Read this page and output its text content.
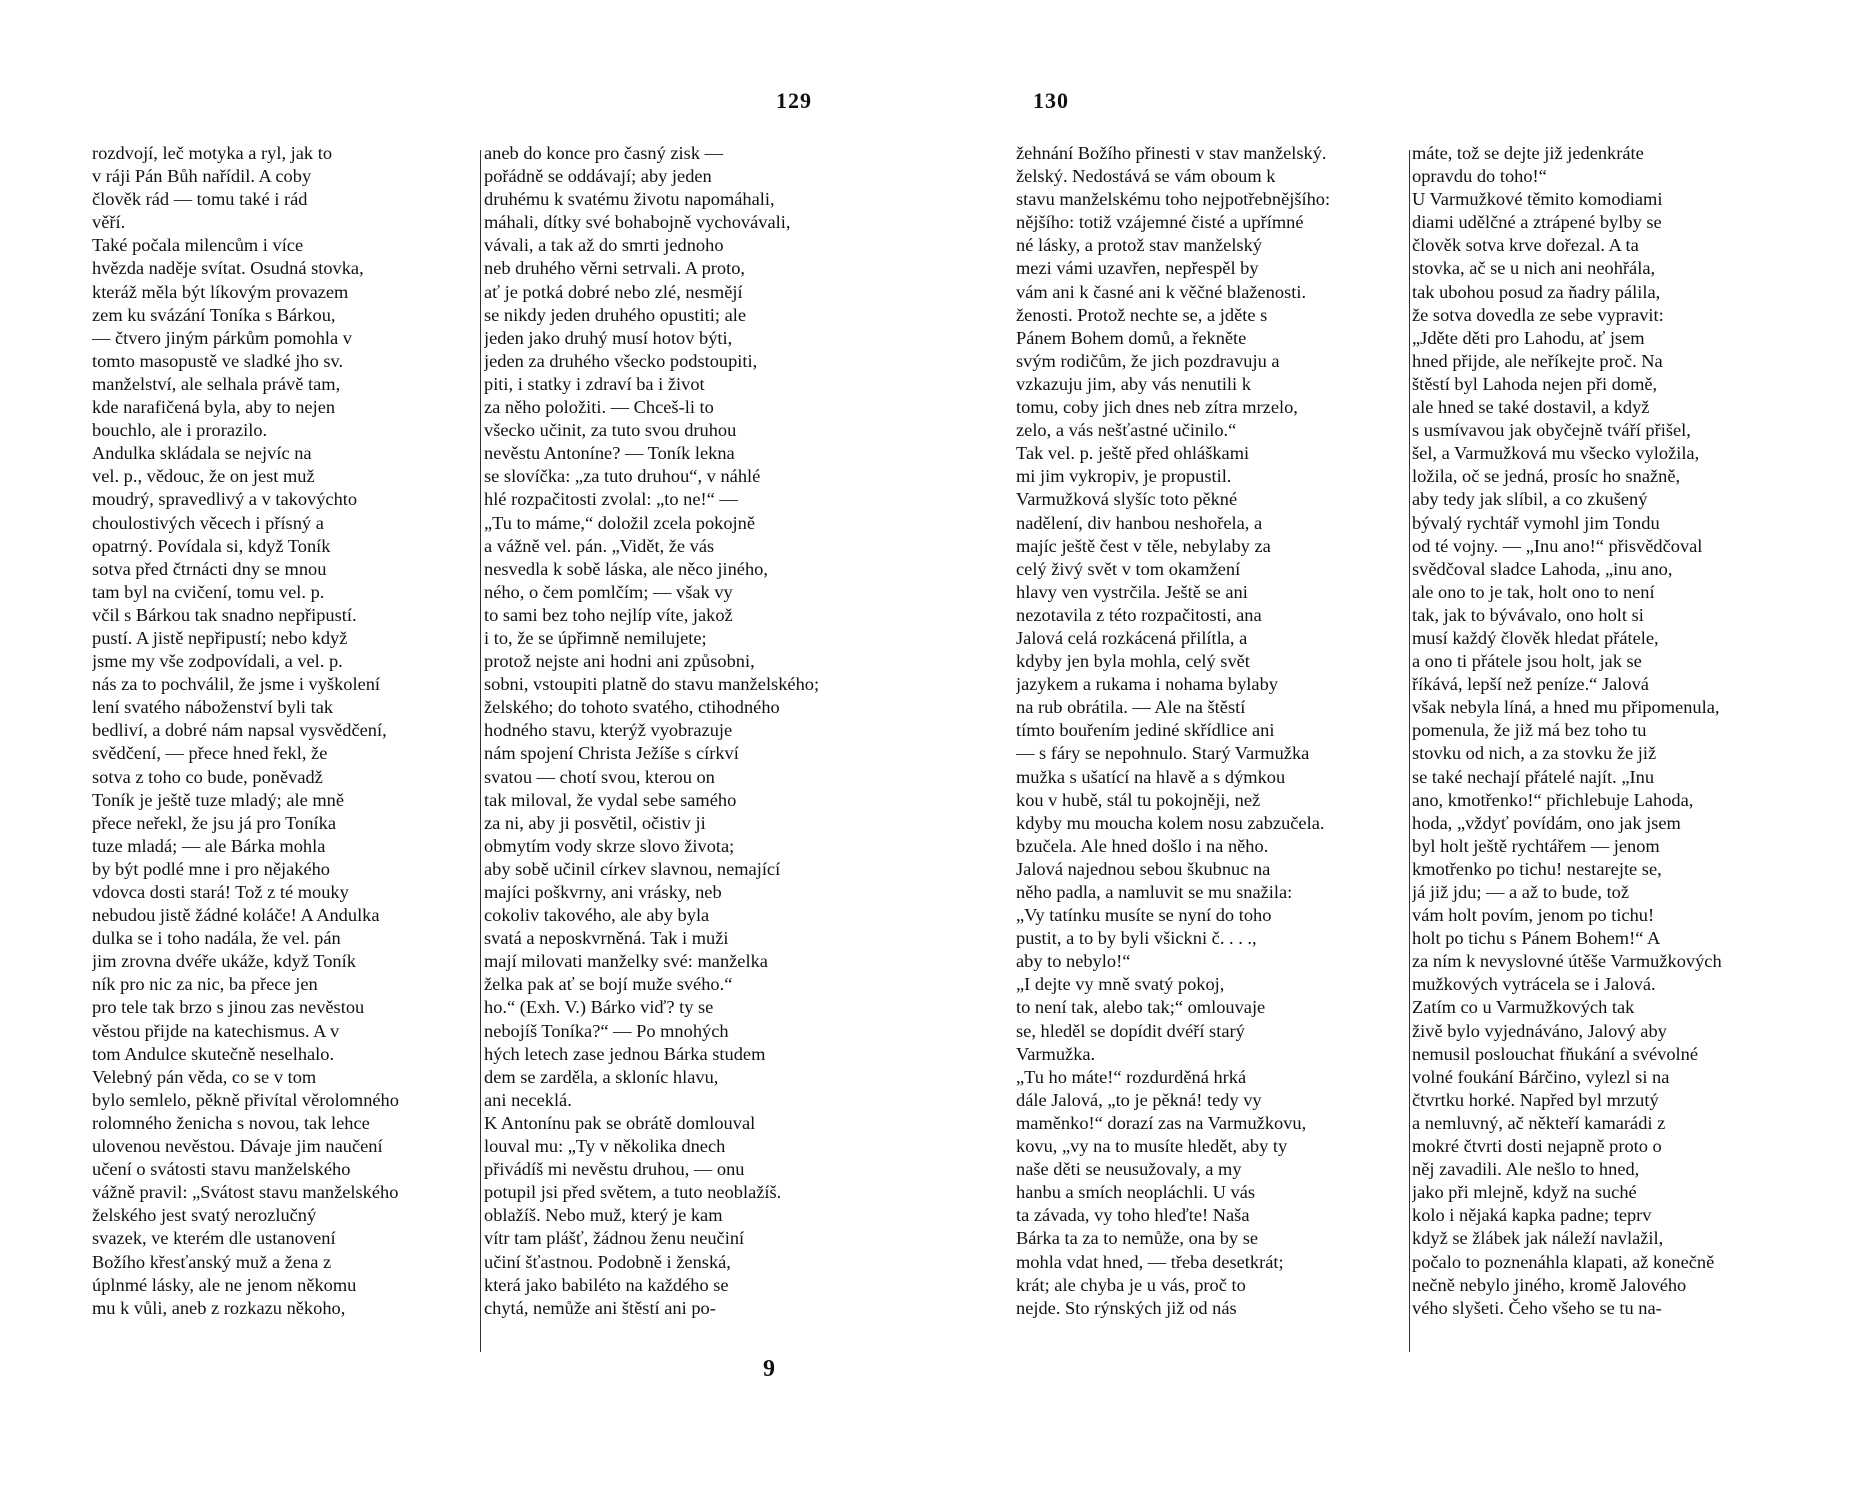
129
rozdvojí, leč motyka a ryl, jak to
v ráji Pán Bůh nařídil. A coby
člověk rád — tomu také i rád
věří.
Také počala milencům i více
hvězda naděje svítat. Osudná stovka,
kteráž měla být líkovým provazem
zem ku svázání Toníka s Bárkou,
— čtvero jiným párkům pomohla v
tomto masopustě ve sladké jho sv.
manželství, ale selhala právě tam,
kde narafičená byla, aby to nejen
bouchlo, ale i prorazilo.
Andulka skládala se nejvíc na
vel. p., vědouc, že on jest muž
moudrý, spravedlivý a v takovýchto
choulostivých věcech i přísný a
opatrný. Povídala si, když Toník
sotva před čtrnácti dny se mnou
tam byl na cvičení, tomu vel. p.
včil s Bárkou tak snadno nepřipustí.
pustí. A jistě nepřipustí; nebo když
jsme my vše zodpovídali, a vel. p.
nás za to pochválil, že jsme i vyškolení
lení svatého náboženství byli tak
bedliví, a dobré nám napsal vysvědčení,
svědčení, — přece hned řekl, že
sotva z toho co bude, poněvadž
Toník je ještě tuze mladý; ale mně
přece neřekl, že jsu já pro Toníka
tuze mladá; — ale Bárka mohla
by být podlé mne i pro nějakého
vdovca dosti stará! Tož z té mouky
nebudou jistě žádné koláče! A Andulka
dulka se i toho nadála, že vel. pán
jim zrovna dvéře ukáže, když Toník
ník pro nic za nic, ba přece jen
pro tele tak brzo s jinou zas nevěstou
věstou přijde na katechismus. A v
tom Andulce skutečně neselhalo.
Velebný pán věda, co se v tom
bylo semlelo, pěkně přivítal věrolomného
rolomného ženicha s novou, tak lehce
ulovenou nevěstou. Dávaje jim naučení
učení o svátosti stavu manželského
vážně pravil: „Svátost stavu manželského
želského jest svatý nerozlučný
svazek, ve kterém dle ustanovení
Božího křesťanský muž a žena z
úplnmé lásky, ale ne jenom někomu
mu k vůli, aneb z rozkazu někoho,
aneb do konce pro časný zisk —
pořádně se oddávají; aby jeden
druhému k svatému životu napomáhali,
máhali, dítky své bohabojně vychovávali,
vávali, a tak až do smrti jednoho
neb druhého věrni setrvali. A proto,
ať je potká dobré nebo zlé, nesmějí
se nikdy jeden druhého opustiti; ale
jeden jako druhý musí hotov býti,
jeden za druhého všecko podstoupiti,
piti, i statky i zdraví ba i život
za něho položiti. — Chceš-li to
všecko učinit, za tuto svou druhou
nevěstu Antoníne? — Toník lekna
se slovíčka: „za tuto druhou“, v náhlé
hlé rozpačitosti zvolal: „to ne!“ —
„Tu to máme,“ doložil zcela pokojně
a vážně vel. pán. „Vidět, že vás
nesvedla k sobě láska, ale něco jiného,
ného, o čem pomlčím; — však vy
to sami bez toho nejlíp víte, jakož
i to, že se úpřimně nemilujete;
protož nejste ani hodni ani způsobni,
sobni, vstoupiti platně do stavu manželského;
želského; do tohoto svatého, ctihodného
hodného stavu, kterýž vyobrazuje
nám spojení Christa Ježíše s církví
svatou — chotí svou, kterou on
tak miloval, že vydal sebe samého
za ni, aby ji posvětil, očistiv ji
obmytím vody skrze slovo života;
aby sobě učinil církev slavnou, nemající
majíci poškvrny, ani vrásky, neb
cokoliv takového, ale aby byla
svatá a neposkvrněná. Tak i muži
mají milovati manželky své: manželka
želka pak ať se bojí muže svého.“
ho.“ (Exh. V.) Bárko viď? ty se
nebojíš Toníka?“ — Po mnohých
hých letech zase jednou Bárka studem
dem se zarděla, a skloníc hlavu,
ani neceklá.
K Antonínu pak se obrátě domlouval
louval mu: „Ty v několika dnech
přivádíš mi nevěstu druhou, — onu
potupil jsi před světem, a tuto neoblažíš.
oblažíš. Nebo muž, který je kam
vítr tam plášť, žádnou ženu neučiní
učiní šťastnou. Podobně i ženská,
která jako babiléto na každého se
chytá, nemůže ani štěstí ani po-
9
130
žehnání Božího přinesti v stav manželský.
želský. Nedostává se vám oboum k
stavu manželskému toho nejpotřebnějšího:
nějšího: totiž vzájemné čisté a upřímné
né lásky, a protož stav manželský
mezi vámi uzavřen, nepřespěl by
vám ani k časné ani k věčné blaženosti.
ženosti. Protož nechte se, a jděte s
Pánem Bohem domů, a řekněte
svým rodičům, že jich pozdravuju a
vzkazuju jim, aby vás nenutili k
tomu, coby jich dnes neb zítra mrzelo,
zelo, a vás nešťastné učinilo.“
Tak vel. p. ještě před ohláškami
mi jim vykropiv, je propustil.
Varmužková slyšíc toto pěkné
nadělení, div hanbou neshořela, a
majíc ještě čest v těle, nebylaby za
celý živý svět v tom okamžení
hlavy ven vystrčila. Ještě se ani
nezotavila z této rozpačitosti, ana
Jalová celá rozkácená přilítla, a
kdyby jen byla mohla, celý svět
jazykem a rukama i nohama bylaby
na rub obrátila. — Ale na štěstí
tímto bouřením jediné skřídlice ani
— s fáry se nepohnulo. Starý Varmužka
mužka s ušatící na hlavě a s dýmkou
kou v hubě, stál tu pokojněji, než
kdyby mu moucha kolem nosu zabzučela.
bzučela. Ale hned došlo i na něho.
Jalová najednou sebou škubnuc na
něho padla, a namluvit se mu snažila:
„Vy tatínku musíte se nyní do toho
pustit, a to by byli všickni č. . . .,
aby to nebylo!“
„I dejte vy mně svatý pokoj,
to není tak, alebo tak;“ omlouvaje
se, hleděl se dopídit dvéří starý
Varmužka.
„Tu ho máte!“ rozdurděná hrká
dále Jalová, „to je pěkná! tedy vy
maměnko!“ dorazí zas na Varmužkovu,
kovu, „vy na to musíte hledět, aby ty
naše děti se neusužovaly, a my
hanbu a smích neopláchli. U vás
ta závada, vy toho hleďte! Naša
Bárka ta za to nemůže, ona by se
mohla vdat hned, — třeba desetkrát;
krát; ale chyba je u vás, proč to
nejde. Sto rýnských již od nás
máte, tož se dejte již jedenkráte
opravdu do toho!“
U Varmužkové těmito komodiami
diami udělčné a ztrápené bylby se
člověk sotva krve dořezal. A ta
stovka, ač se u nich ani neohřála,
tak ubohou posud za ňadry pálila,
že sotva dovedla ze sebe vypravit:
„Jděte děti pro Lahodu, ať jsem
hned přijde, ale neříkejte proč. Na
štěstí byl Lahoda nejen při domě,
ale hned se také dostavil, a když
s usmívavou jak obyčejně tváří přišel,
šel, a Varmužková mu všecko vyložila,
ložila, oč se jedná, prosíc ho snažně,
aby tedy jak slíbil, a co zkušený
bývalý rychtář vymohl jim Tondu
od té vojny. — „Inu ano!“ přisvědčoval
svědčoval sladce Lahoda, „inu ano,
ale ono to je tak, holt ono to není
tak, jak to bývávalo, ono holt si
musí každý člověk hledat přátele,
a ono ti přátele jsou holt, jak se
říkává, lepší než peníze.“ Jalová
však nebyla líná, a hned mu připomenula,
pomenula, že již má bez toho tu
stovku od nich, a za stovku že již
se také nechají přátelé najít. „Inu
ano, kmotřenko!“ přichlebuje Lahoda,
hoda, „vždyť povídám, ono jak jsem
byl holt ještě rychtářem — jenom
kmotřenko po tichu! nestarejte se,
já již jdu; — a až to bude, tož
vám holt povím, jenom po tichu!
holt po tichu s Pánem Bohem!“ A
za ním k nevyslovné útěše Varmužkových
mužkových vytrácela se i Jalová.
Zatím co u Varmužkových tak
živě bylo vyjednáváno, Jalový aby
nemusil poslouchat fňukání a svévolné
volné foukání Bárčino, vylezl si na
čtvrtku horké. Napřed byl mrzutý
a nemluvný, ač někteří kamarádi z
mokré čtvrti dosti nejapně proto o
něj zavadili. Ale nešlo to hned,
jako při mlejně, když na suché
kolo i nějaká kapka padne; teprv
když se žlábek jak náleží navlažil,
počalo to poznenáhla klapati, až konečně
nečně nebylo jiného, kromě Jalového
vého slyšeti. Čeho všeho se tu na-
